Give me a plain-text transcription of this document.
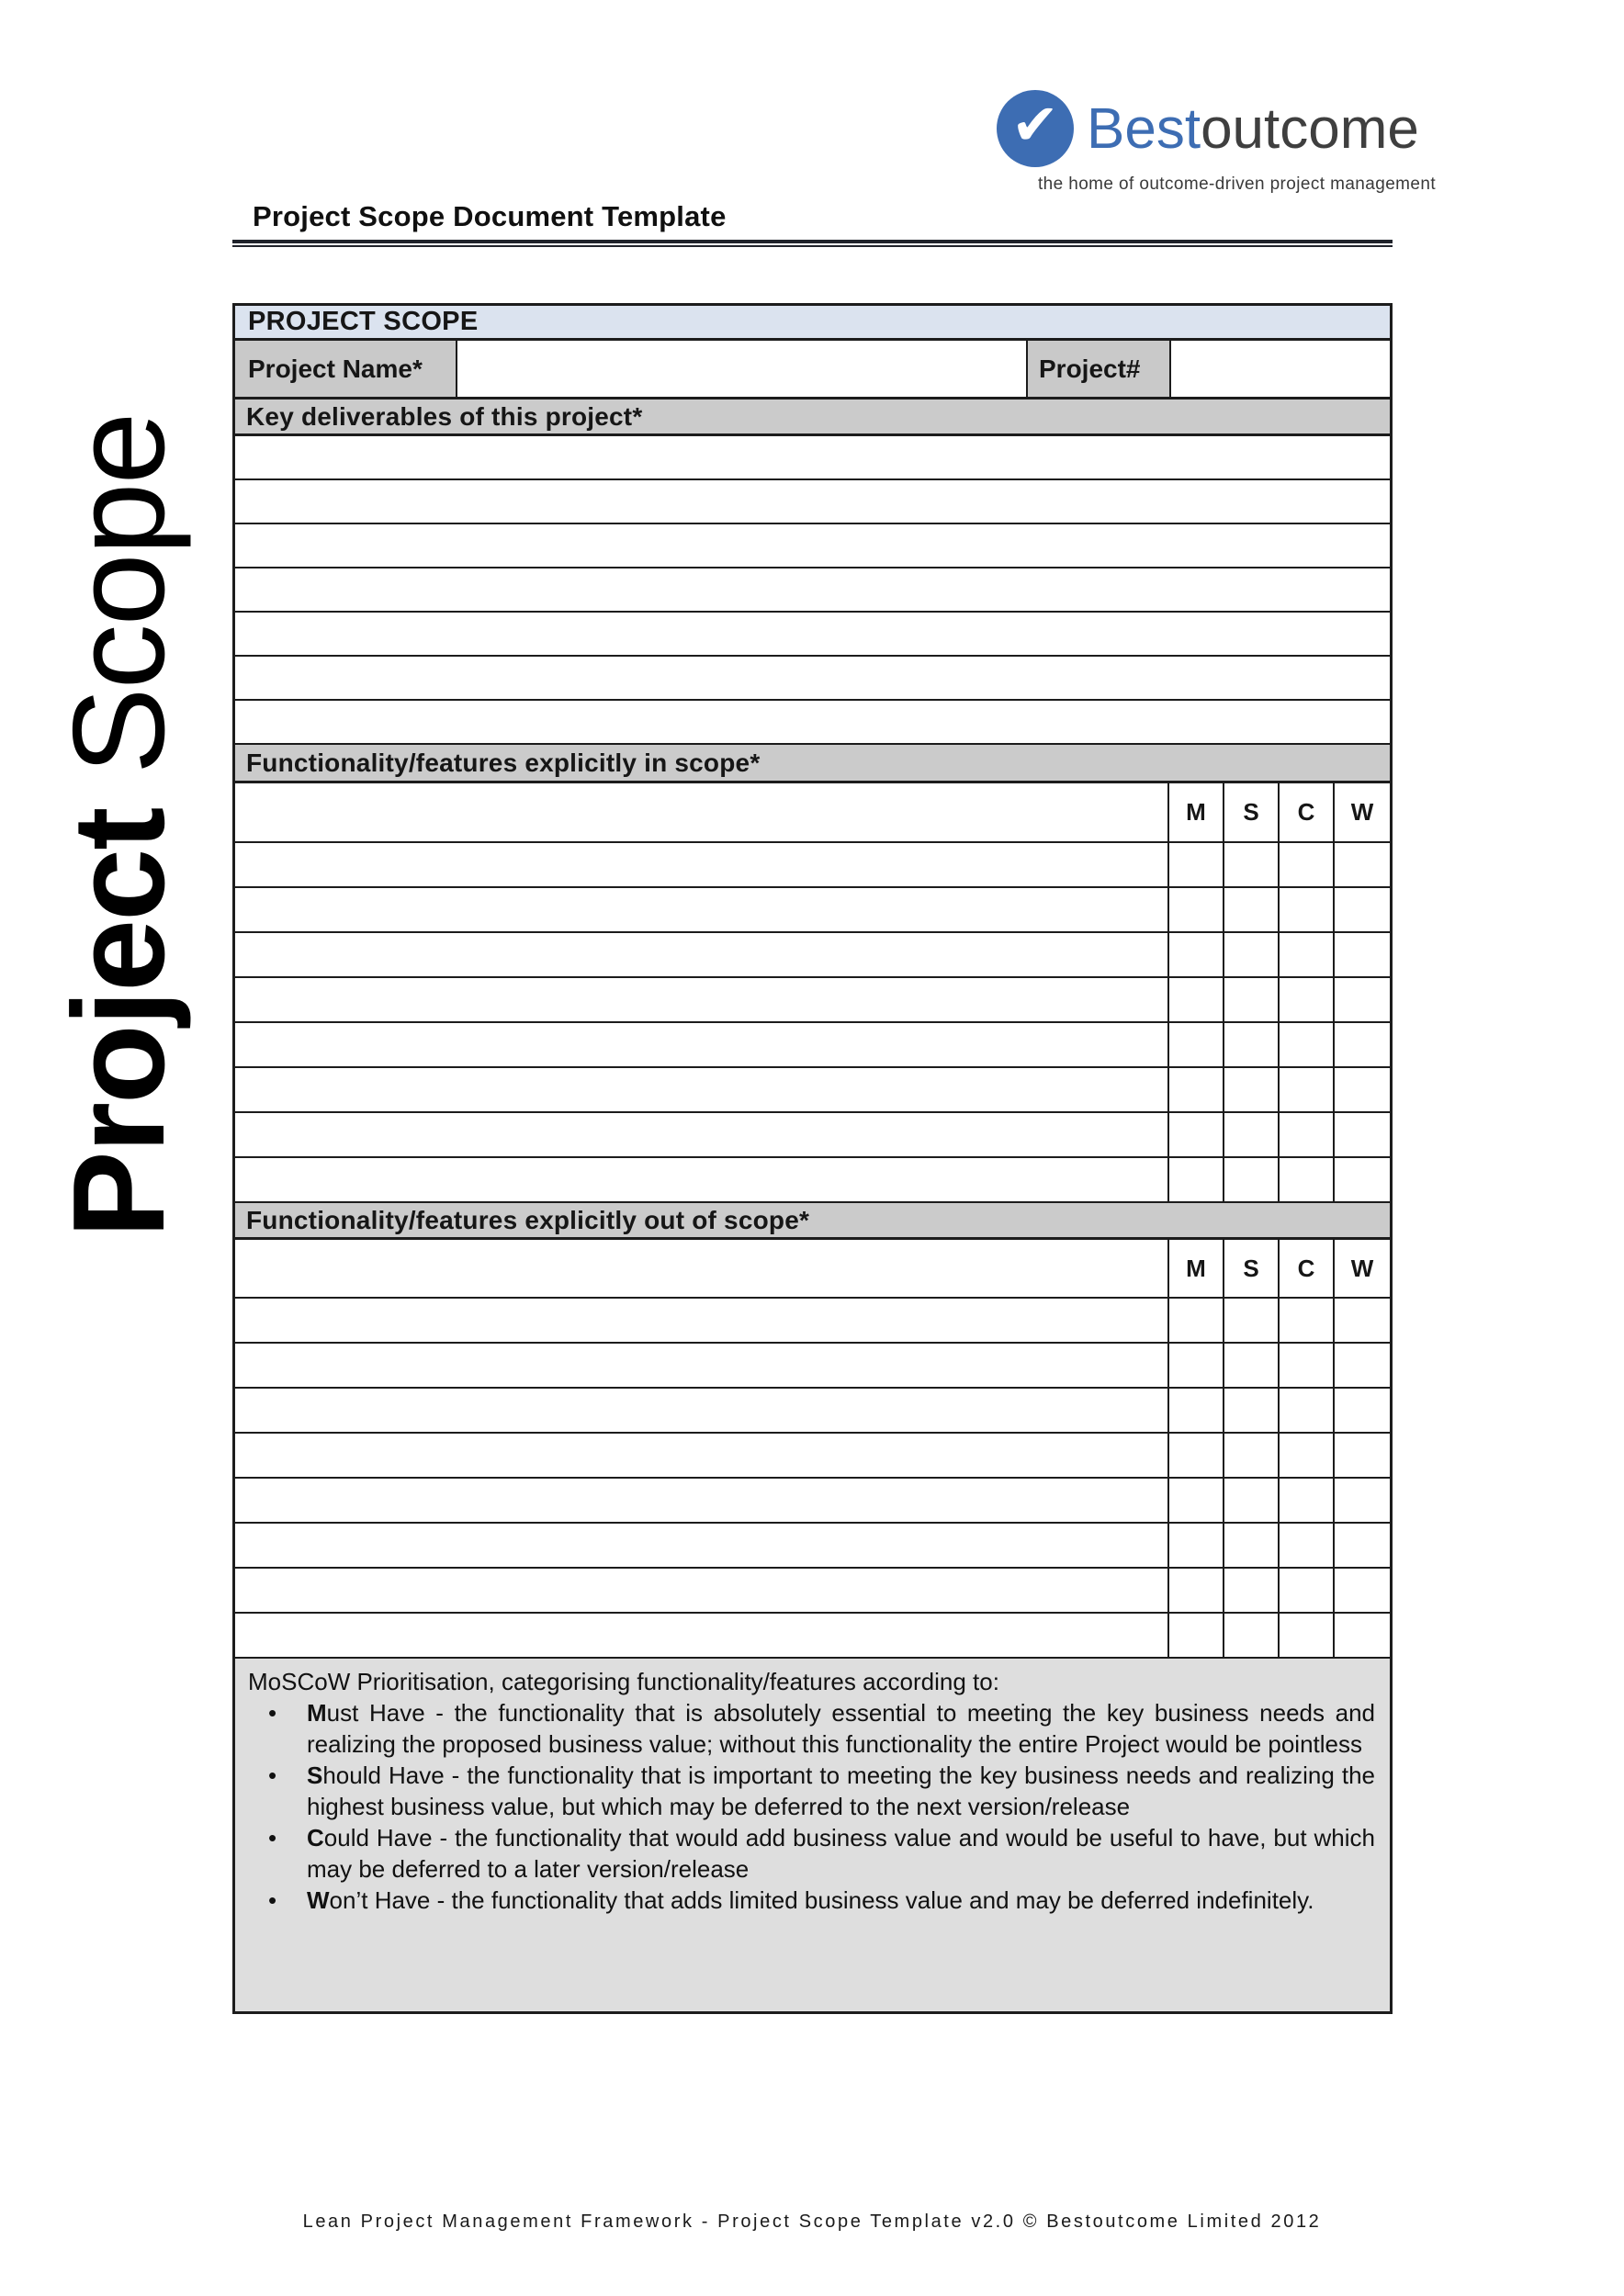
✔ Bestoutcome
the home of outcome-driven project management
Project Scope Document Template
Project Scope
PROJECT SCOPE
Project Name*	Project#
Key deliverables of this project*
Functionality/features explicitly in scope*
M	S	C	W
Functionality/features explicitly out of scope*
M	S	C	W
MoSCoW Prioritisation, categorising functionality/features according to:
• Must Have - the functionality that is absolutely essential to meeting the key business needs and realizing the proposed business value; without this functionality the entire Project would be pointless
• Should Have - the functionality that is important to meeting the key business needs and realizing the highest business value, but which may be deferred to the next version/release
• Could Have - the functionality that would add business value and would be useful to have, but which may be deferred to a later version/release
• Won’t Have - the functionality that adds limited business value and may be deferred indefinitely.
Lean Project Management Framework - Project Scope Template v2.0 © Bestoutcome Limited 2012
